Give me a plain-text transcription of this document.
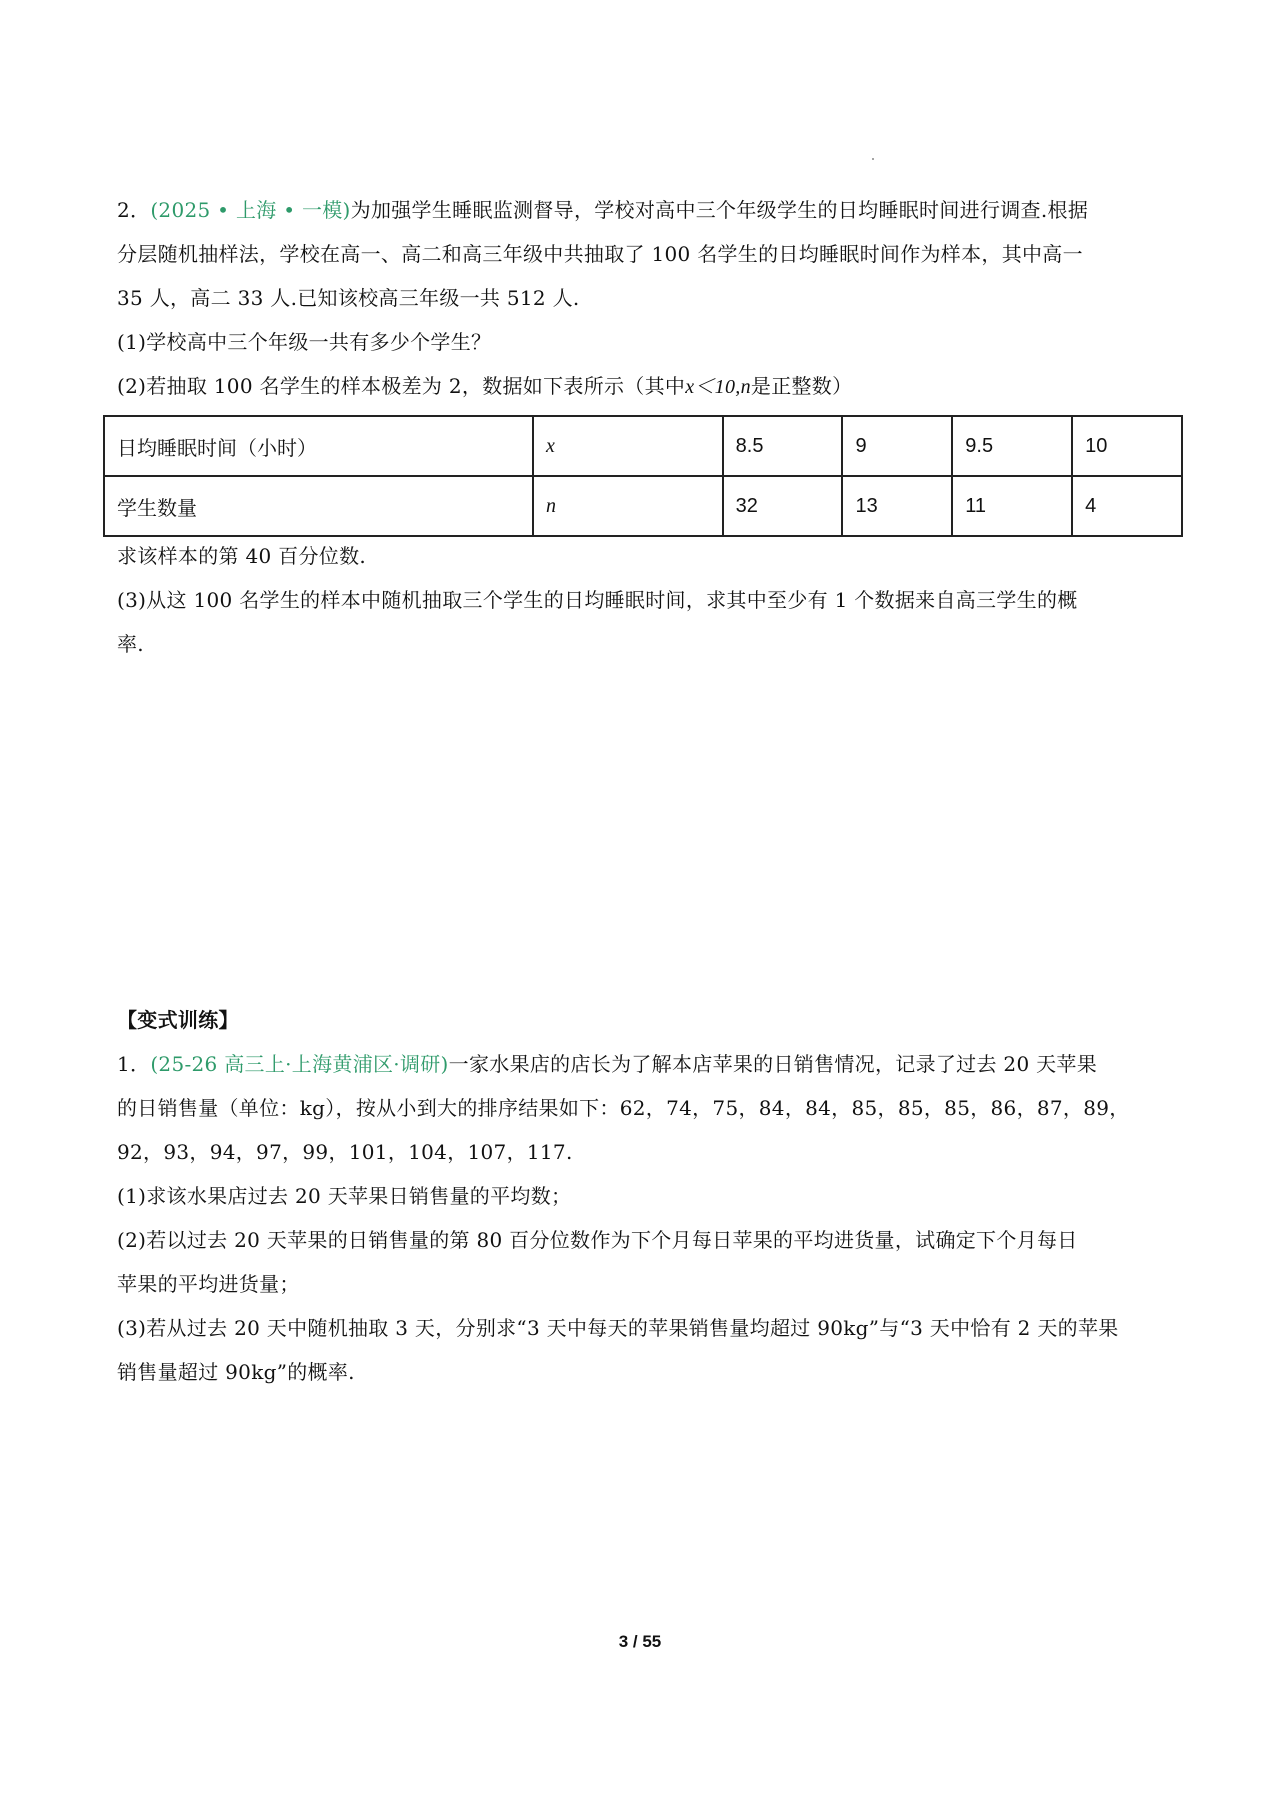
2．(2025 • 上海 • 一模)为加强学生睡眠监测督导，学校对高中三个年级学生的日均睡眠时间进行调查.根据

分层随机抽样法，学校在高一、高二和高三年级中共抽取了 100 名学生的日均睡眠时间作为样本，其中高一

35 人，高二 33 人.已知该校高三年级一共 512 人.

(1)学校高中三个年级一共有多少个学生？

(2)若抽取 100 名学生的样本极差为 2，数据如下表所示（其中x＜10,n是正整数）

日均睡眠时间（小时）	x	8.5	9	9.5	10
学生数量	n	32	13	11	4

求该样本的第 40 百分位数.

(3)从这 100 名学生的样本中随机抽取三个学生的日均睡眠时间，求其中至少有 1 个数据来自高三学生的概

率.

【变式训练】

1．(25-26 高三上·上海黄浦区·调研)一家水果店的店长为了解本店苹果的日销售情况，记录了过去 20 天苹果

的日销售量（单位：kg），按从小到大的排序结果如下：62，74，75，84，84，85，85，85，86，87，89，

92，93，94，97，99，101，104，107，117.

(1)求该水果店过去 20 天苹果日销售量的平均数；

(2)若以过去 20 天苹果的日销售量的第 80 百分位数作为下个月每日苹果的平均进货量，试确定下个月每日

苹果的平均进货量；

(3)若从过去 20 天中随机抽取 3 天，分别求“3 天中每天的苹果销售量均超过 90kg”与“3 天中恰有 2 天的苹果

销售量超过 90kg”的概率.

3 / 55
